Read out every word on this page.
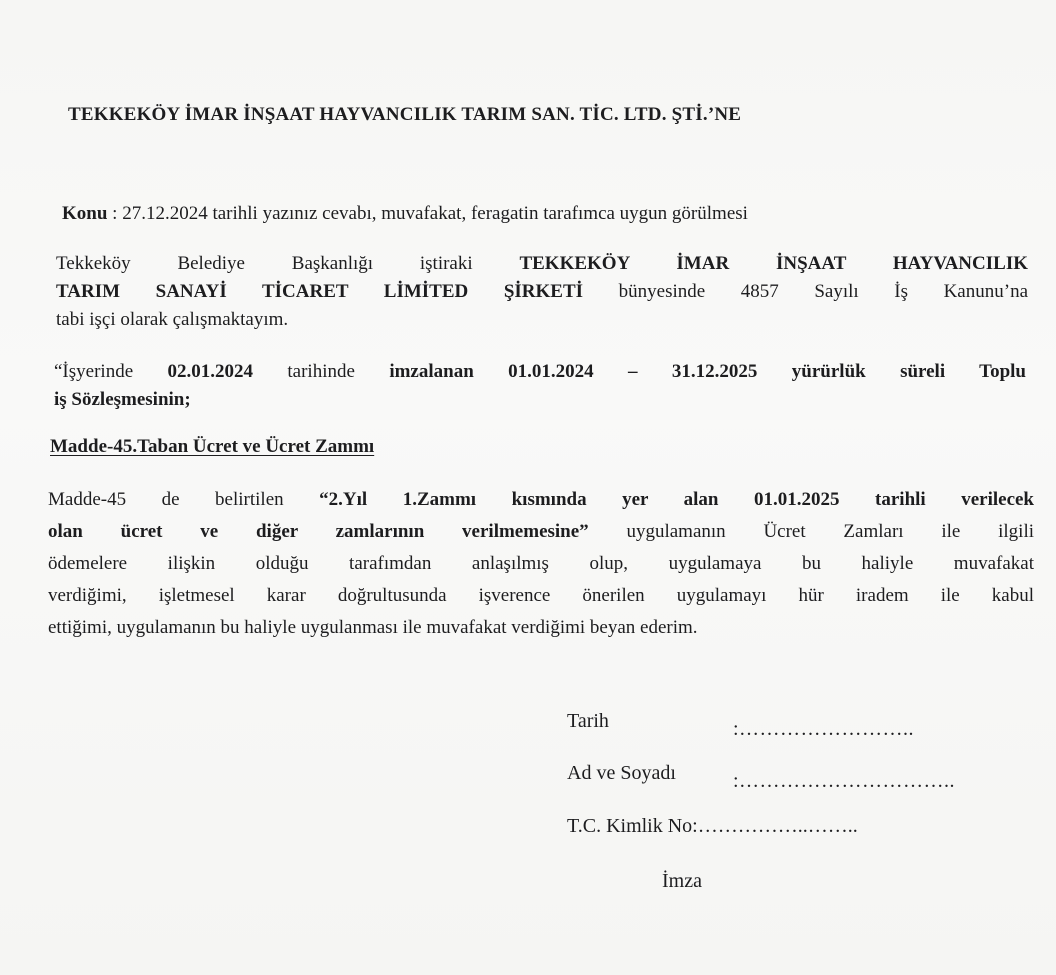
TEKKEKÖY İMAR İNŞAAT HAYVANCILIK TARIM SAN. TİC. LTD. ŞTİ.’NE
Konu : 27.12.2024 tarihli yazınız cevabı, muvafakat, feragatin tarafımca uygun görülmesi
Tekkeköy Belediye Başkanlığı iştiraki TEKKEKÖY İMAR İNŞAAT HAYVANCILIK
TARIM SANAYİ TİCARET LİMİTED ŞİRKETİ bünyesinde 4857 Sayılı İş Kanunu’na
tabi işçi olarak çalışmaktayım.
“İşyerinde 02.01.2024 tarihinde imzalanan 01.01.2024 – 31.12.2025 yürürlük süreli Toplu
iş Sözleşmesinin;
Madde-45.Taban Ücret ve Ücret Zammı
Madde-45 de belirtilen “2.Yıl 1.Zammı kısmında yer alan 01.01.2025 tarihli verilecek
olan ücret ve diğer zamlarının verilmemesine” uygulamanın Ücret Zamları ile ilgili
ödemelere ilişkin olduğu tarafımdan anlaşılmış olup, uygulamaya bu haliyle muvafakat
verdiğimi, işletmesel karar doğrultusunda işverence önerilen uygulamayı hür iradem ile kabul
ettiğimi, uygulamanın bu haliyle uygulanması ile muvafakat verdiğimi beyan ederim.
Tarih	:……………………..
Ad ve Soyadı	:…………………………..
T.C. Kimlik No:……………..……..
İmza
